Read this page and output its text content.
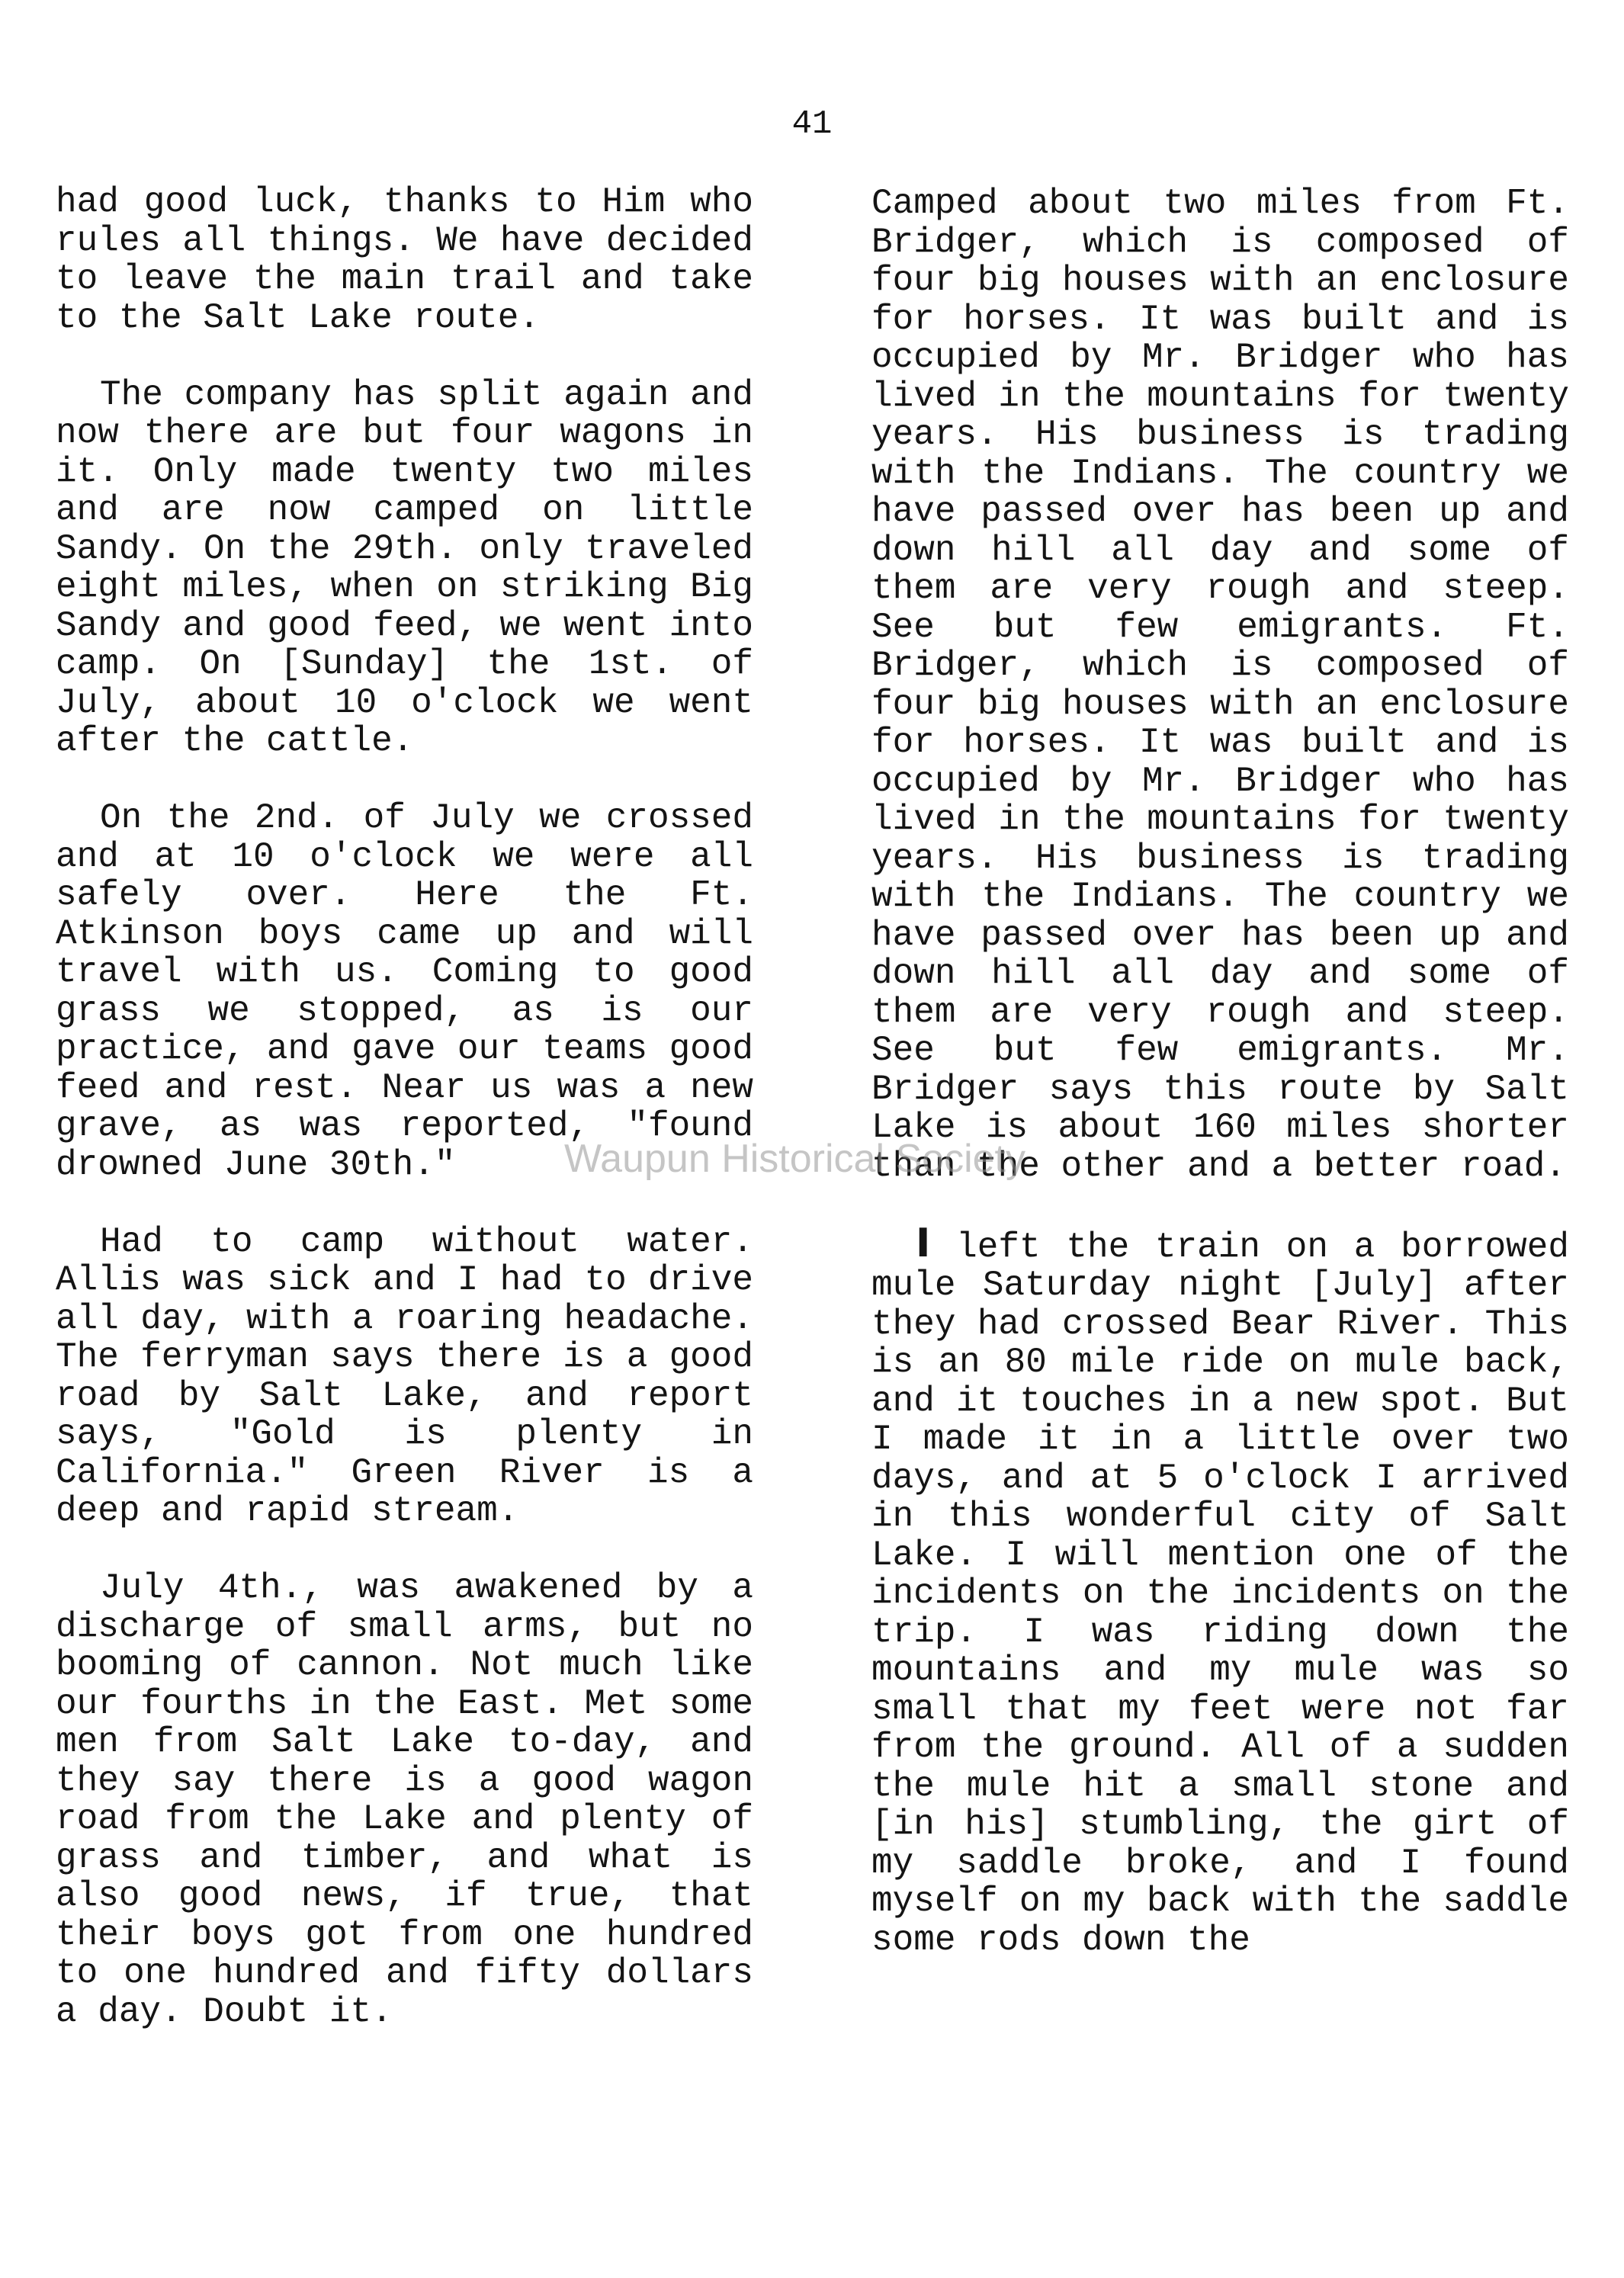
41

had good luck, thanks to Him who rules all things. We have decided to leave the main trail and take to the Salt Lake route.

The company has split again and now there are but four wagons in it. Only made twenty two miles and are now camped on little Sandy. On the 29th. only traveled eight miles, when on striking Big Sandy and good feed, we went into camp. On [Sunday] the 1st. of July, about 10 o'clock we went after the cattle.

On the 2nd. of July we crossed and at 10 o'clock we were all safely over. Here the Ft. Atkinson boys came up and will travel with us. Coming to good grass we stopped, as is our practice, and gave our teams good feed and rest. Near us was a new grave, as was reported, "found drowned June 30th."

Had to camp without water. Allis was sick and I had to drive all day, with a roaring headache. The ferryman says there is a good road by Salt Lake, and report says, "Gold is plenty in California." Green River is a deep and rapid stream.

July 4th., was awakened by a discharge of small arms, but no booming of cannon. Not much like our fourths in the East. Met some men from Salt Lake to-day, and they say there is a good wagon road from the Lake and plenty of grass and timber, and what is also good news, if true, that their boys got from one hundred to one hundred and fifty dollars a day. Doubt it.

Camped about two miles from Ft. Bridger, which is composed of four big houses with an enclosure for horses. It was built and is occupied by Mr. Bridger who has lived in the mountains for twenty years. His business is trading with the Indians. The country we have passed over has been up and down hill all day and some of them are very rough and steep. See but few emigrants. Ft. Bridger, which is composed of four big houses with an enclosure for horses. It was built and is occupied by Mr. Bridger who has lived in the mountains for twenty years. His business is trading with the Indians. The country we have passed over has been up and down hill all day and some of them are very rough and steep. See but few emigrants. Mr. Bridger says this route by Salt Lake is about 160 miles shorter than the other and a better road.

I left the train on a borrowed mule Saturday night [July] after they had crossed Bear River. This is an 80 mile ride on mule back, and it touches in a new spot. But I made it in a little over two days, and at 5 o'clock I arrived in this wonderful city of Salt Lake. I will mention one of the incidents on the incidents on the trip. I was riding down the mountains and my mule was so small that my feet were not far from the ground. All of a sudden the mule hit a small stone and [in his] stumbling, the girt of my saddle broke, and I found myself on my back with the saddle some rods down the

Waupun Historical Society
